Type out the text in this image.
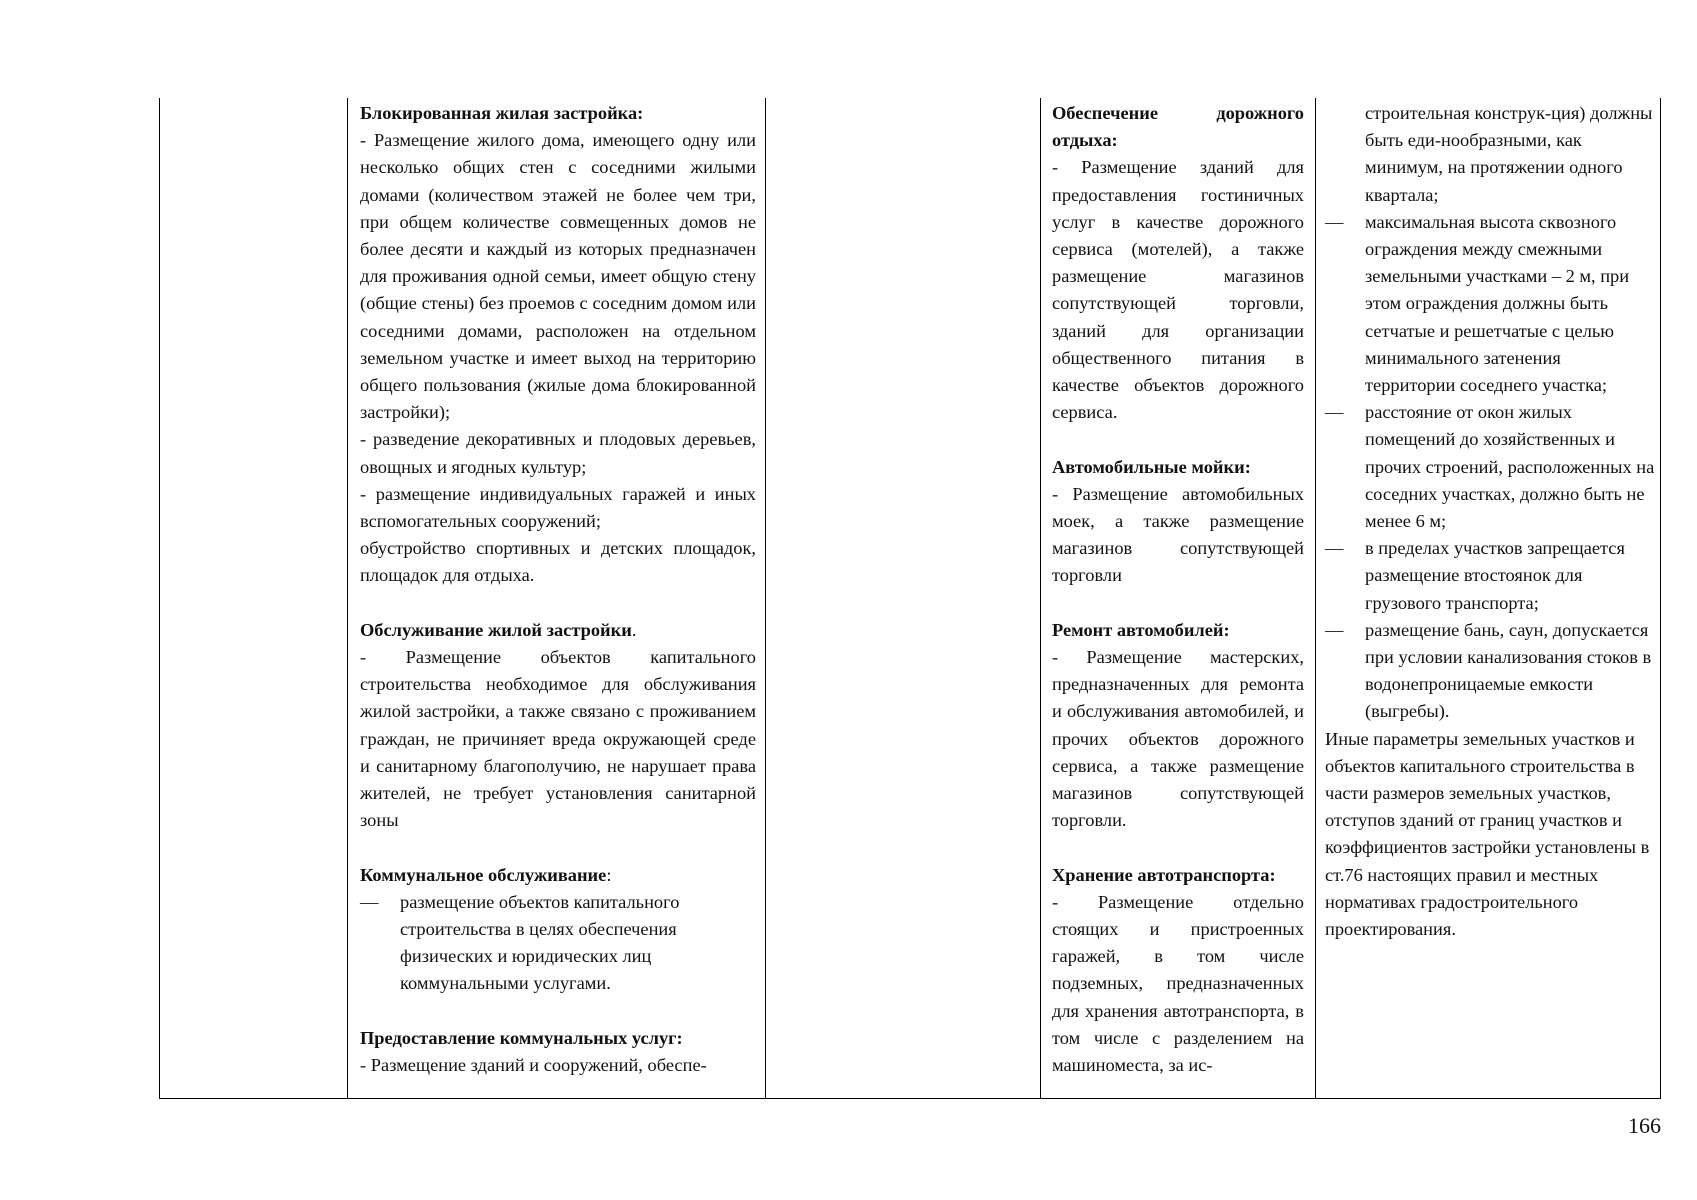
Блокированная жилая застройка:

- Размещение жилого дома, имеющего одну или несколько общих стен с соседними жилыми домами (количеством этажей не более чем три, при общем количестве совмещенных домов не более десяти и каждый из которых предназначен для проживания одной семьи, имеет общую стену (общие стены) без проемов с соседним домом или соседними домами, расположен на отдельном земельном участке и имеет выход на территорию общего пользования (жилые дома блокированной застройки);

- разведение декоративных и плодовых деревьев, овощных и ягодных культур;

- размещение индивидуальных гаражей и иных вспомогательных сооружений;

обустройство спортивных и детских площадок, площадок для отдыха.

Обслуживание жилой застройки.

- Размещение объектов капитального строительства необходимое для обслуживания жилой застройки, а также связано с проживанием граждан, не причиняет вреда окружающей среде и санитарному благополучию, не нарушает права жителей, не требует установления санитарной зоны

Коммунальное обслуживание:

— размещение объектов капитального строительства в целях обеспечения физических и юридических лиц коммунальными услугами.

Предоставление коммунальных услуг:

- Размещение зданий и сооружений, обеспе-

Обеспечение дорожного отдыха:

- Размещение зданий для предоставления гостиничных услуг в качестве дорожного сервиса (мотелей), а также размещение магазинов сопутствующей торговли, зданий для организации общественного питания в качестве объектов дорожного сервиса.

Автомобильные мойки:

- Размещение автомобильных моек, а также размещение магазинов сопутствующей торговли

Ремонт автомобилей:

- Размещение мастерских, предназначенных для ремонта и обслуживания автомобилей, и прочих объектов дорожного сервиса, а также размещение магазинов сопутствующей торговли.

Хранение автотранспорта:

- Размещение отдельно стоящих и пристроенных гаражей, в том числе подземных, предназначенных для хранения автотранспорта, в том числе с разделением на машиноместа, за ис-

строительная конструк-ция) должны быть еди-нообразными, как минимум, на протяжении одного квартала;

— максимальная высота сквозного ограждения между смежными земельными участками – 2 м, при этом ограждения должны быть сетчатые и решетчатые с целью минимального затенения территории соседнего участка;

— расстояние от окон жилых помещений до хозяйственных и прочих строений, расположенных на соседних участках, должно быть не менее 6 м;

— в пределах участков запрещается размещение втостоянок для грузового транспорта;

— размещение бань, саун, допускается при условии канализования стоков в водонепроницаемые емкости (выгребы).

Иные параметры земельных участков и объектов капитального строительства в части размеров земельных участков, отступов зданий от границ участков и коэффициентов застройки установлены в ст.76 настоящих правил и местных нормативах градостроительного проектирования.

166
